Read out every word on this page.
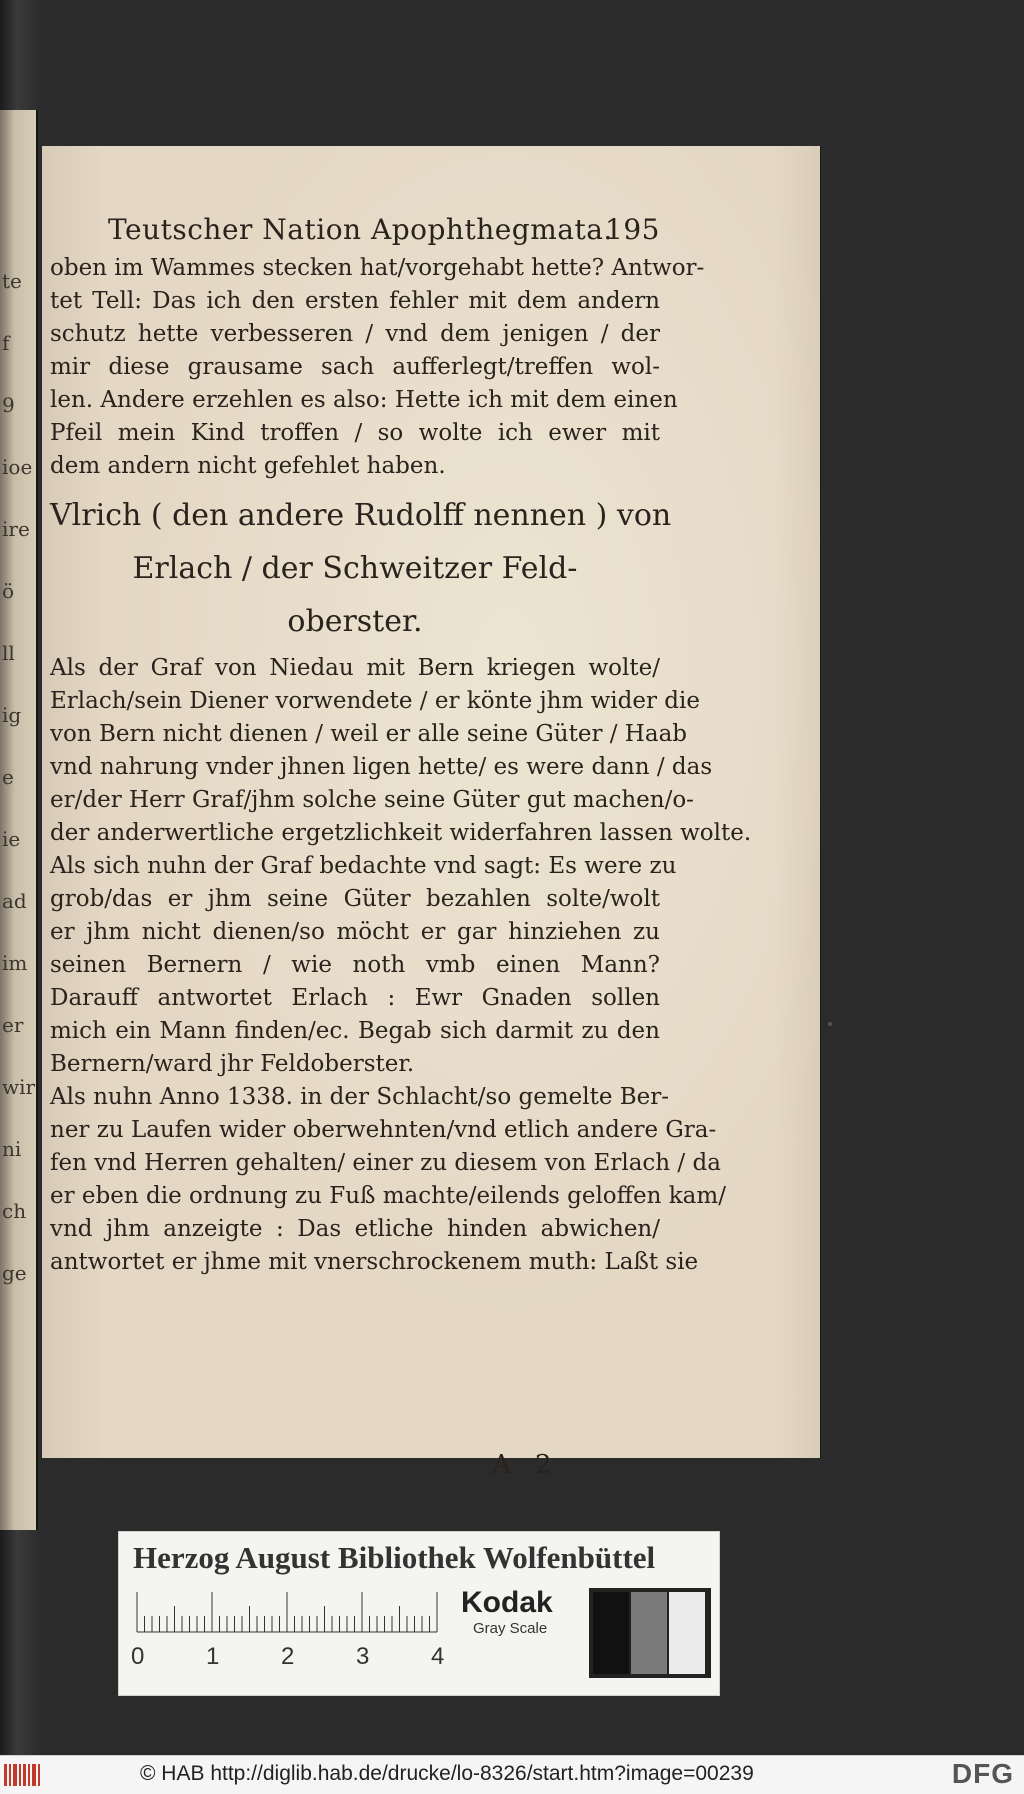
te
f
9
ioe
ire
ö
ll
ig
e
ie
ad
im
er
wir
ni
ch
ge
Teutscher Nation Apophthegmata.
195
oben im Wammes stecken hat/vorgehabt hette? Antwor-
tet Tell: Das ich den ersten fehler mit dem andern
schutz hette verbesseren / vnd dem jenigen / der
mir diese grausame sach aufferlegt/treffen wol-
len. Andere erzehlen es also: Hette ich mit dem einen
Pfeil mein Kind troffen / so wolte ich ewer mit
dem andern nicht gefehlet haben.
Vlrich ( den andere Rudolff nennen ) von
Erlach / der Schweitzer Feld-
oberster.
Als der Graf von Niedau mit Bern kriegen wolte/
Erlach/sein Diener vorwendete / er könte jhm wider die
von Bern nicht dienen / weil er alle seine Güter / Haab
vnd nahrung vnder jhnen ligen hette/ es were dann / das
er/der Herr Graf/jhm solche seine Güter gut machen/o-
der anderwertliche ergetzlichkeit widerfahren lassen wolte.
Als sich nuhn der Graf bedachte vnd sagt: Es were zu
grob/das er jhm seine Güter bezahlen solte/wolt
er jhm nicht dienen/so möcht er gar hinziehen zu
seinen Bernern / wie noth vmb einen Mann?
Darauff antwortet Erlach : Ewr Gnaden sollen
mich ein Mann finden/ec. Begab sich darmit zu den
Bernern/ward jhr Feldoberster.
Als nuhn Anno 1338. in der Schlacht/so gemelte Ber-
ner zu Laufen wider oberwehnten/vnd etlich andere Gra-
fen vnd Herren gehalten/ einer zu diesem von Erlach / da
er eben die ordnung zu Fuß machte/eilends geloffen kam/
vnd jhm anzeigte : Das etliche hinden abwichen/
antwortet er jhme mit vnerschrockenem muth: Laßt sie
A 2
Herzog August Bibliothek Wolfenbüttel
0	1	2	3	4
Kodak
Gray Scale
© HAB http://diglib.hab.de/drucke/lo-8326/start.htm?image=00239	DFG
